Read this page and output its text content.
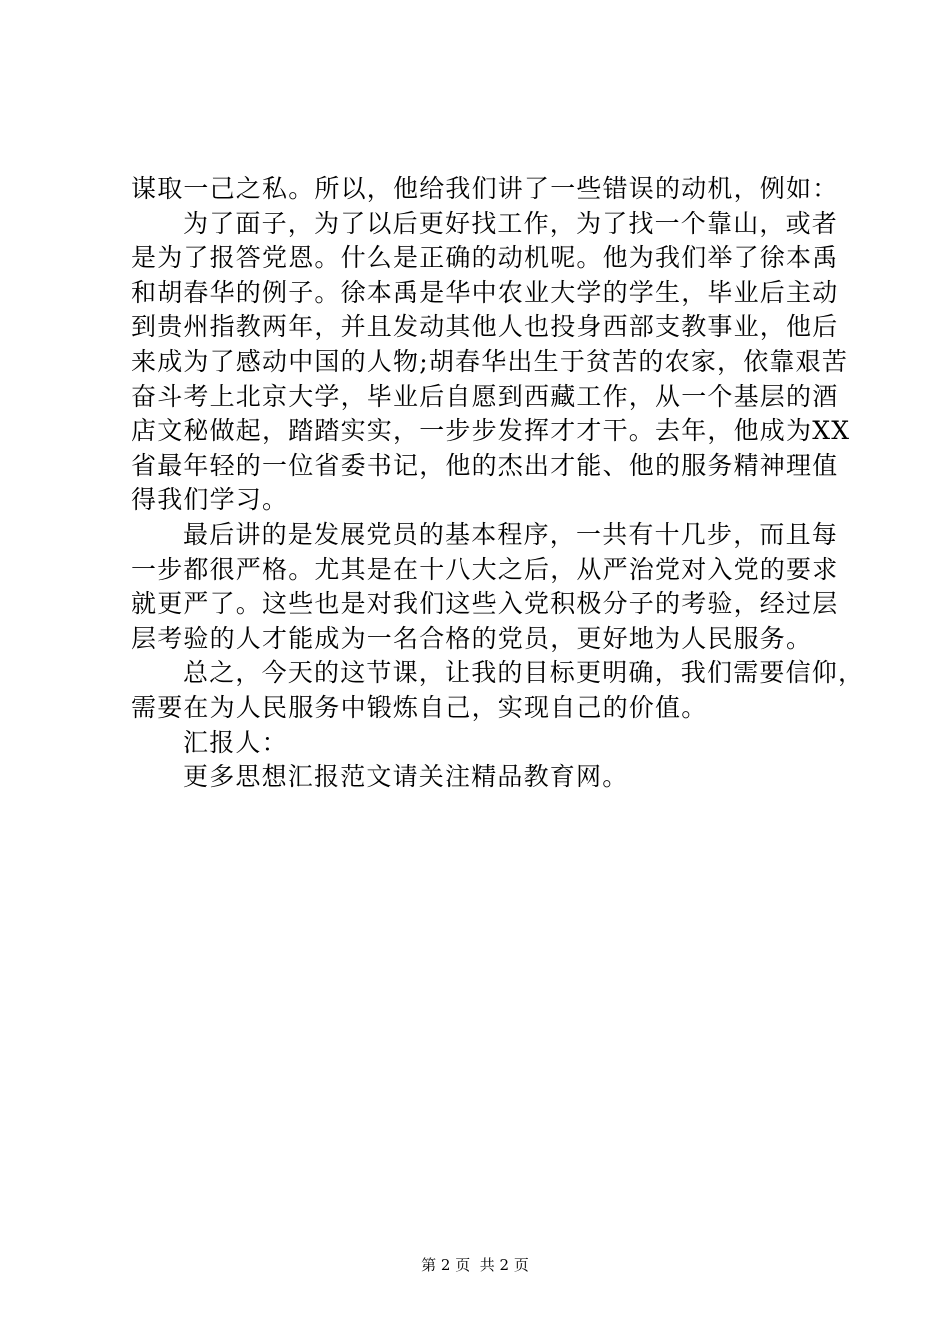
谋取一己之私。所以，他给我们讲了一些错误的动机，例如：
为了面子，为了以后更好找工作，为了找一个靠山，或者
是为了报答党恩。什么是正确的动机呢。他为我们举了徐本禹
和胡春华的例子。徐本禹是华中农业大学的学生，毕业后主动
到贵州指教两年，并且发动其他人也投身西部支教事业，他后
来成为了感动中国的人物;胡春华出生于贫苦的农家，依靠艰苦
奋斗考上北京大学，毕业后自愿到西藏工作，从一个基层的酒
店文秘做起，踏踏实实，一步步发挥才才干。去年，他成为XX
省最年轻的一位省委书记，他的杰出才能、他的服务精神理值
得我们学习。
最后讲的是发展党员的基本程序，一共有十几步，而且每
一步都很严格。尤其是在十八大之后，从严治党对入党的要求
就更严了。这些也是对我们这些入党积极分子的考验，经过层
层考验的人才能成为一名合格的党员，更好地为人民服务。
总之，今天的这节课，让我的目标更明确，我们需要信仰，
需要在为人民服务中锻炼自己，实现自己的价值。
汇报人：
更多思想汇报范文请关注精品教育网。
第 2 页  共 2 页
